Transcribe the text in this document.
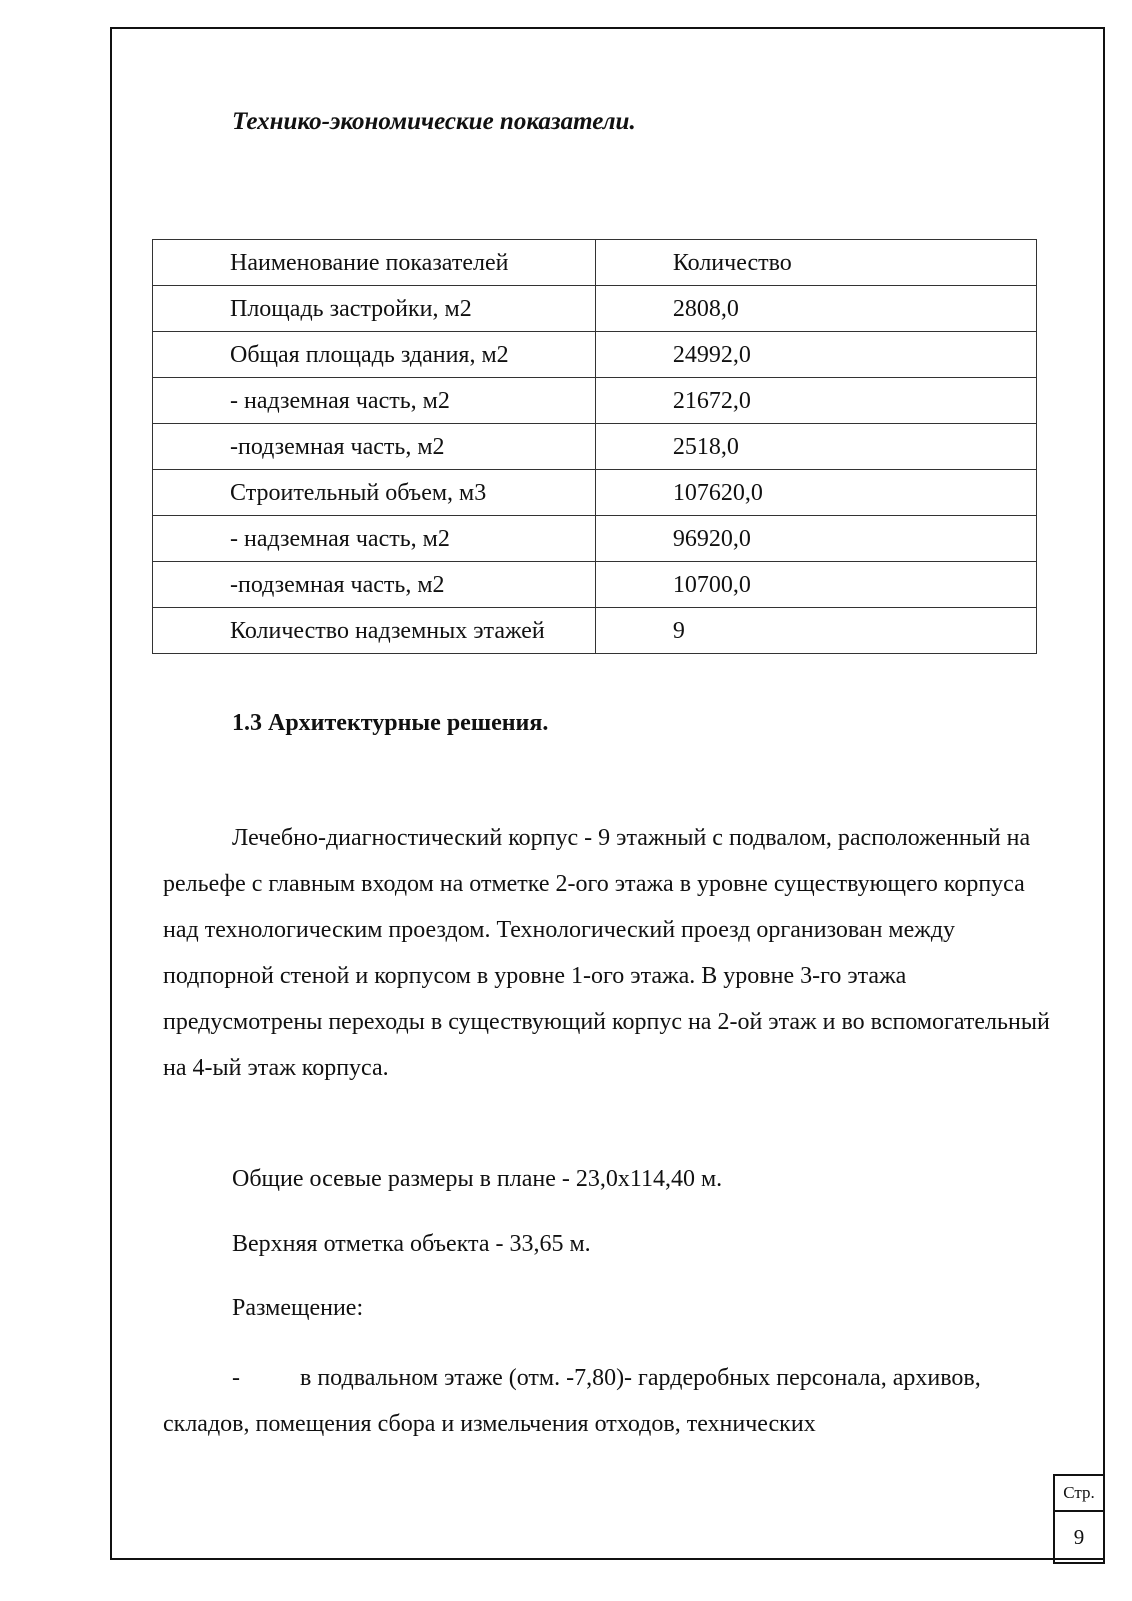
Технико-экономические показатели.

Наименование показателей	Количество
Площадь застройки, м2	2808,0
Общая площадь здания, м2	24992,0
- надземная часть, м2	21672,0
-подземная часть, м2	2518,0
Строительный объем, м3	107620,0
- надземная часть, м2	96920,0
-подземная часть, м2	10700,0
Количество надземных этажей	9

1.3 Архитектурные решения.

Лечебно-диагностический корпус - 9 этажный с подвалом, расположенный на рельефе с главным входом на отметке 2-ого этажа в уровне существующего корпуса над технологическим проездом. Технологический проезд организован между подпорной стеной и корпусом в уровне 1-ого этажа. В уровне 3-го этажа предусмотрены переходы в существующий корпус на 2-ой этаж и во вспомогательный на 4-ый этаж корпуса.

Общие осевые размеры в плане - 23,0х114,40 м.

Верхняя отметка объекта - 33,65 м.

Размещение:

-	в подвальном этаже (отм. -7,80)- гардеробных персонала, архивов, складов, помещения сбора и измельчения отходов, технических
Стр.
9
